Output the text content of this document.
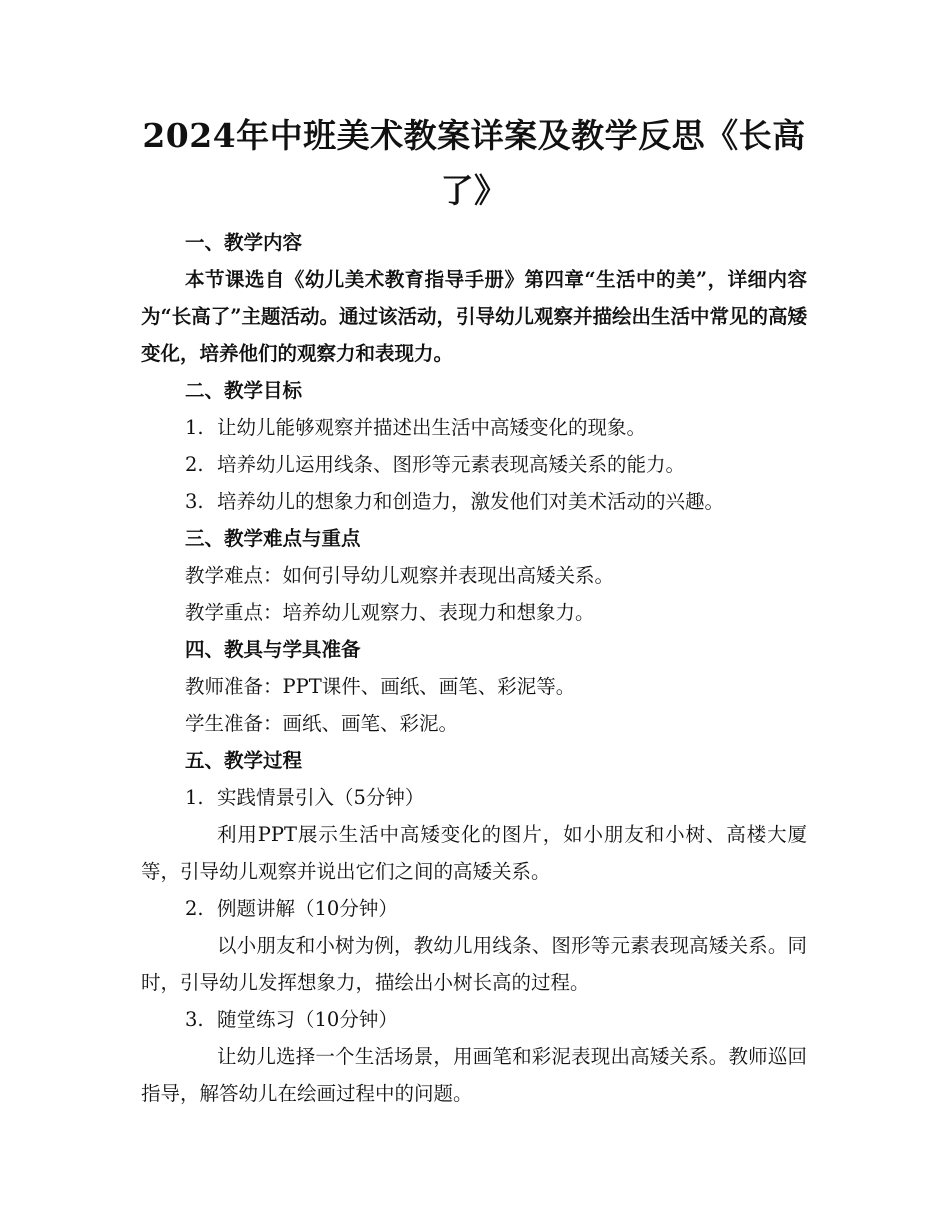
2024年中班美术教案详案及教学反思《长高
了》
一、教学内容

本节课选自《幼儿美术教育指导手册》第四章“生活中的美”，详细内容为“长高了”主题活动。通过该活动，引导幼儿观察并描绘出生活中常见的高矮变化，培养他们的观察力和表现力。

二、教学目标
1. 让幼儿能够观察并描述出生活中高矮变化的现象。
2. 培养幼儿运用线条、图形等元素表现高矮关系的能力。
3. 培养幼儿的想象力和创造力，激发他们对美术活动的兴趣。
三、教学难点与重点
教学难点：如何引导幼儿观察并表现出高矮关系。
教学重点：培养幼儿观察力、表现力和想象力。
四、教具与学具准备
教师准备：PPT课件、画纸、画笔、彩泥等。
学生准备：画纸、画笔、彩泥。
五、教学过程
1. 实践情景引入（5分钟）

利用PPT展示生活中高矮变化的图片，如小朋友和小树、高楼大厦等，引导幼儿观察并说出它们之间的高矮关系。

2. 例题讲解（10分钟）

以小朋友和小树为例，教幼儿用线条、图形等元素表现高矮关系。同时，引导幼儿发挥想象力，描绘出小树长高的过程。

3. 随堂练习（10分钟）

让幼儿选择一个生活场景，用画笔和彩泥表现出高矮关系。教师巡回指导，解答幼儿在绘画过程中的问题。
